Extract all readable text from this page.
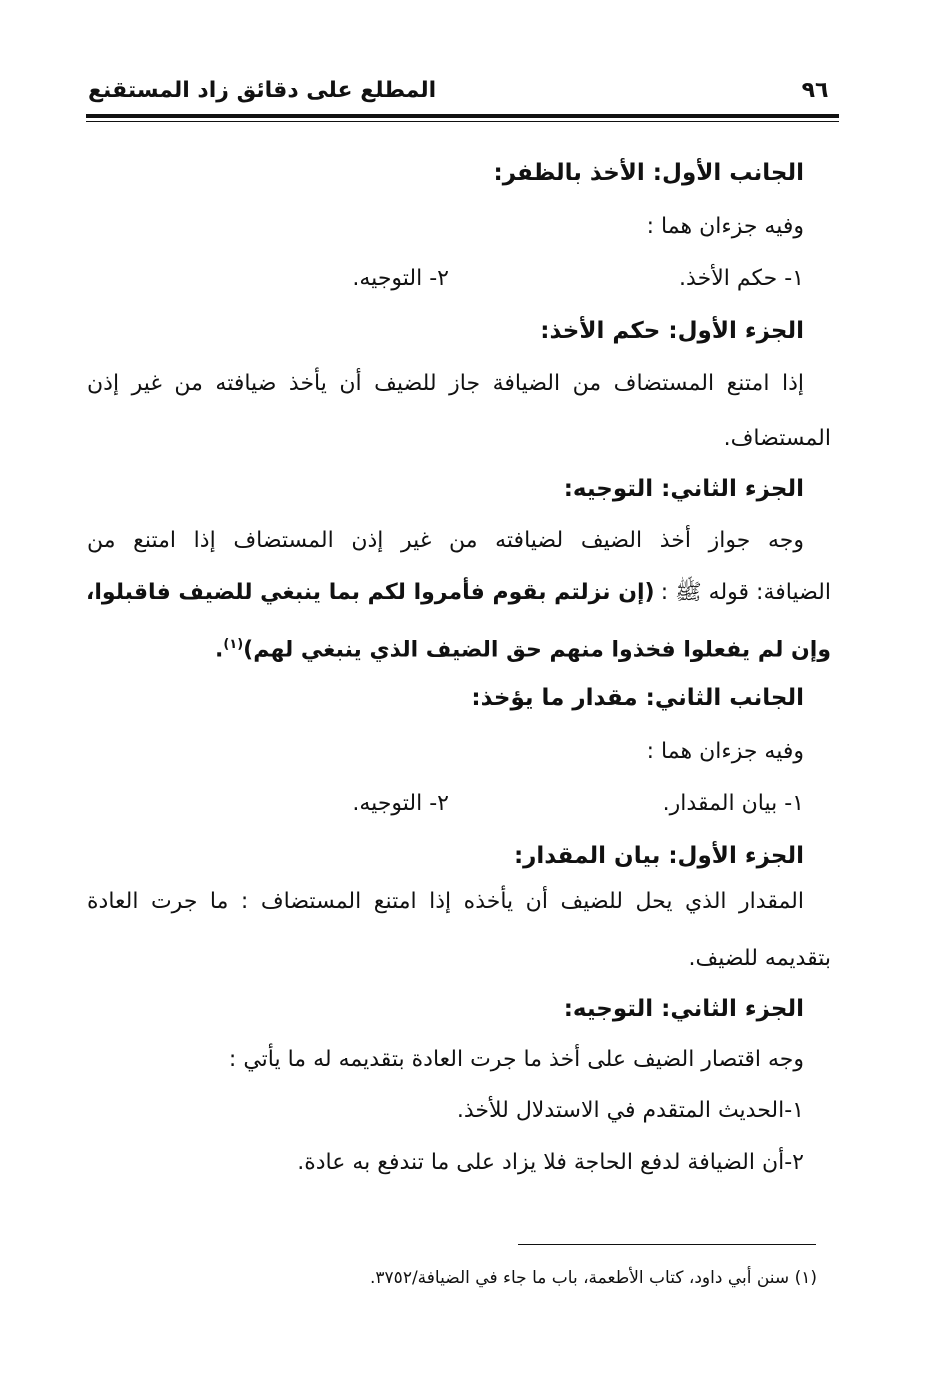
المطلع على دقائق زاد المستقنع	٩٦
الجانب الأول: الأخذ بالظفر:
وفيه جزءان هما :
١- حكم الأخذ.
٢- التوجيه.
الجزء الأول: حكم الأخذ:
إذا امتنع المستضاف من الضيافة جاز للضيف أن يأخذ ضيافته من غير إذن
المستضاف.
الجزء الثاني: التوجيه:
وجه جواز أخذ الضيف لضيافته من غير إذن المستضاف إذا امتنع من
الضيافة: قوله ﷺ :
(إن نزلتم بقوم فأمروا لكم بما ينبغي للضيف فاقبلوا،
وإن لم يفعلوا فخذوا منهم حق الضيف الذي ينبغي لهم)$^{(١)}$.
الجانب الثاني: مقدار ما يؤخذ:
وفيه جزءان هما :
١- بيان المقدار.
٢- التوجيه.
الجزء الأول: بيان المقدار:
المقدار الذي يحل للضيف أن يأخذه إذا امتنع المستضاف : ما جرت العادة
بتقديمه للضيف.
الجزء الثاني: التوجيه:
وجه اقتصار الضيف على أخذ ما جرت العادة بتقديمه له ما يأتي :
١-الحديث المتقدم في الاستدلال للأخذ.
٢-أن الضيافة لدفع الحاجة فلا يزاد على ما تندفع به عادة.
(١) سنن أبي داود، كتاب الأطعمة، باب ما جاء في الضيافة/٣٧٥٢.
